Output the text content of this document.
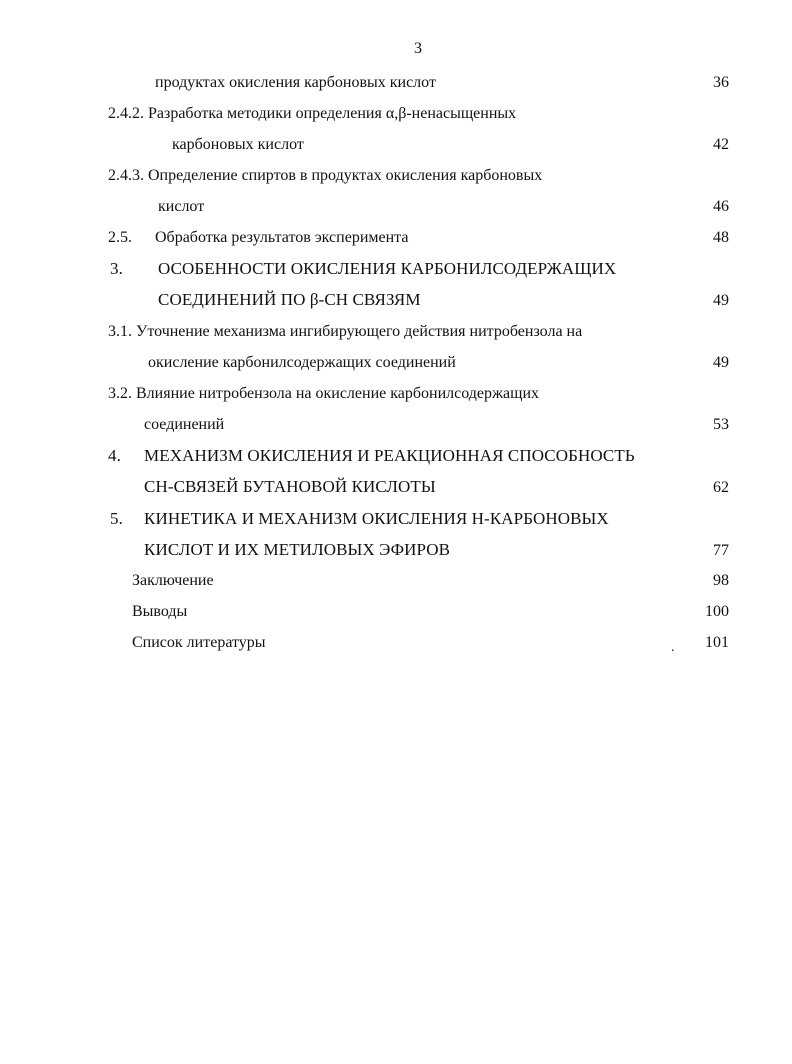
3
продуктах окисления карбоновых кислот	36
2.4.2. Разработка методики определения α,β-ненасыщенных
карбоновых кислот	42
2.4.3. Определение спиртов в продуктах окисления карбоновых
кислот	46
2.5. Обработка результатов эксперимента	48
3. ОСОБЕННОСТИ ОКИСЛЕНИЯ КАРБОНИЛСОДЕРЖАЩИХ
СОЕДИНЕНИЙ ПО β-CH СВЯЗЯМ	49
3.1. Уточнение механизма ингибирующего действия нитробензола на
окисление карбонилсодержащих соединений	49
3.2. Влияние нитробензола на окисление карбонилсодержащих
соединений	53
4. МЕХАНИЗМ ОКИСЛЕНИЯ И РЕАКЦИОННАЯ СПОСОБНОСТЬ
CH-СВЯЗЕЙ БУТАНОВОЙ КИСЛОТЫ	62
5. КИНЕТИКА И МЕХАНИЗМ ОКИСЛЕНИЯ Н-КАРБОНОВЫХ
КИСЛОТ И ИХ МЕТИЛОВЫХ ЭФИРОВ	77
Заключение	98
Выводы	100
Список литературы	101
.
